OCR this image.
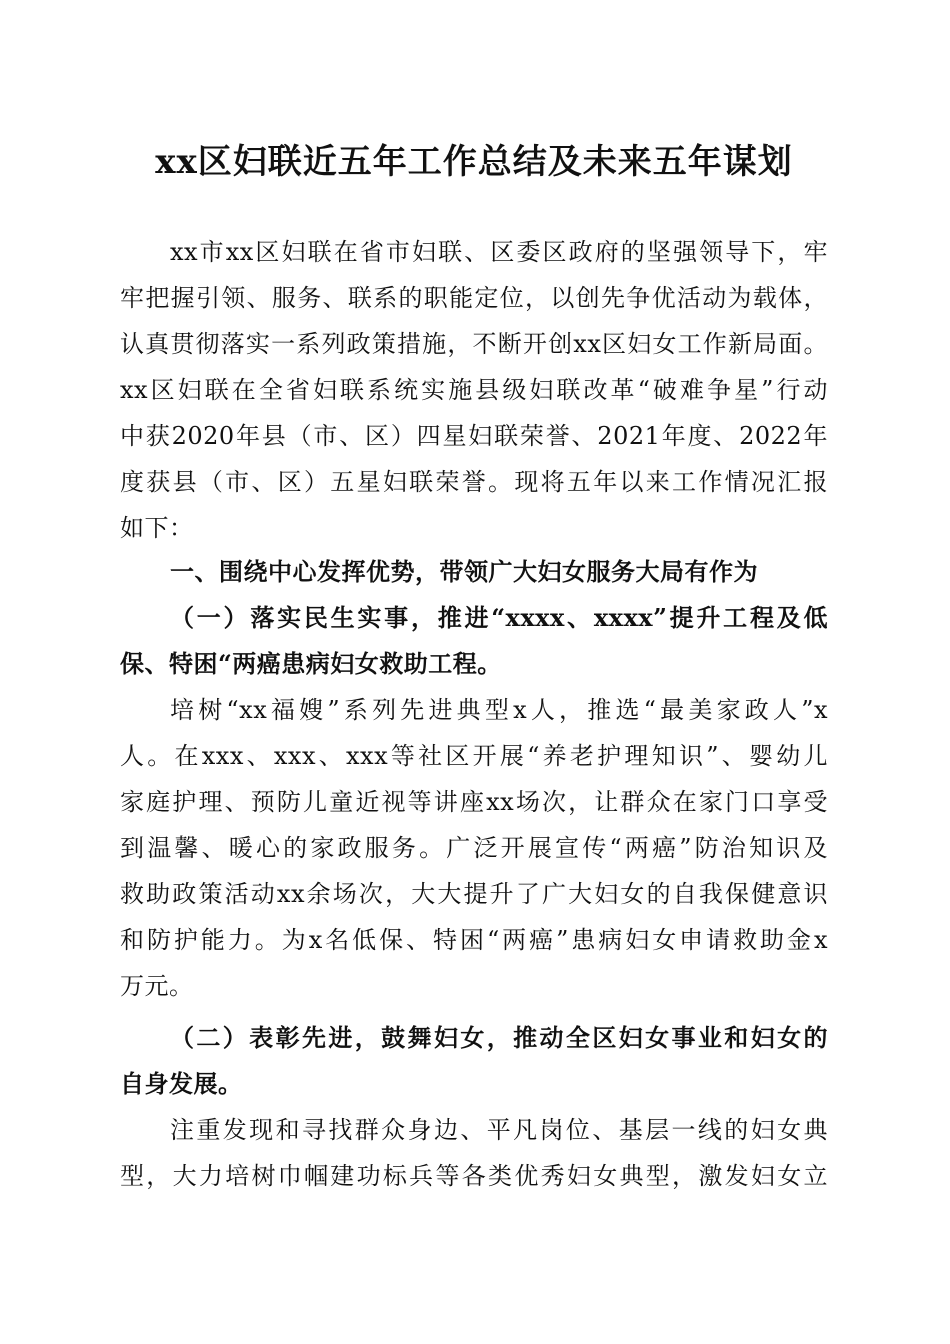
xx区妇联近五年工作总结及未来五年谋划
xx市xx区妇联在省市妇联、区委区政府的坚强领导下，牢
牢把握引领、服务、联系的职能定位，以创先争优活动为载体，
认真贯彻落实一系列政策措施，不断开创xx区妇女工作新局面。
xx区妇联在全省妇联系统实施县级妇联改革“破难争星”行动
中获2020年县（市、区）四星妇联荣誉、2021年度、2022年
度获县（市、区）五星妇联荣誉。现将五年以来工作情况汇报
如下：
一、围绕中心发挥优势，带领广大妇女服务大局有作为
（一）落实民生实事，推进“xxxx、xxxx”提升工程及低
保、特困“两癌患病妇女救助工程。
培树“xx福嫂”系列先进典型x人，推选“最美家政人”x
人。在xxx、xxx、xxx等社区开展“养老护理知识”、婴幼儿
家庭护理、预防儿童近视等讲座xx场次，让群众在家门口享受
到温馨、暖心的家政服务。广泛开展宣传“两癌”防治知识及
救助政策活动xx余场次，大大提升了广大妇女的自我保健意识
和防护能力。为x名低保、特困“两癌”患病妇女申请救助金x
万元。
（二）表彰先进，鼓舞妇女，推动全区妇女事业和妇女的
自身发展。
注重发现和寻找群众身边、平凡岗位、基层一线的妇女典
型，大力培树巾帼建功标兵等各类优秀妇女典型，激发妇女立
